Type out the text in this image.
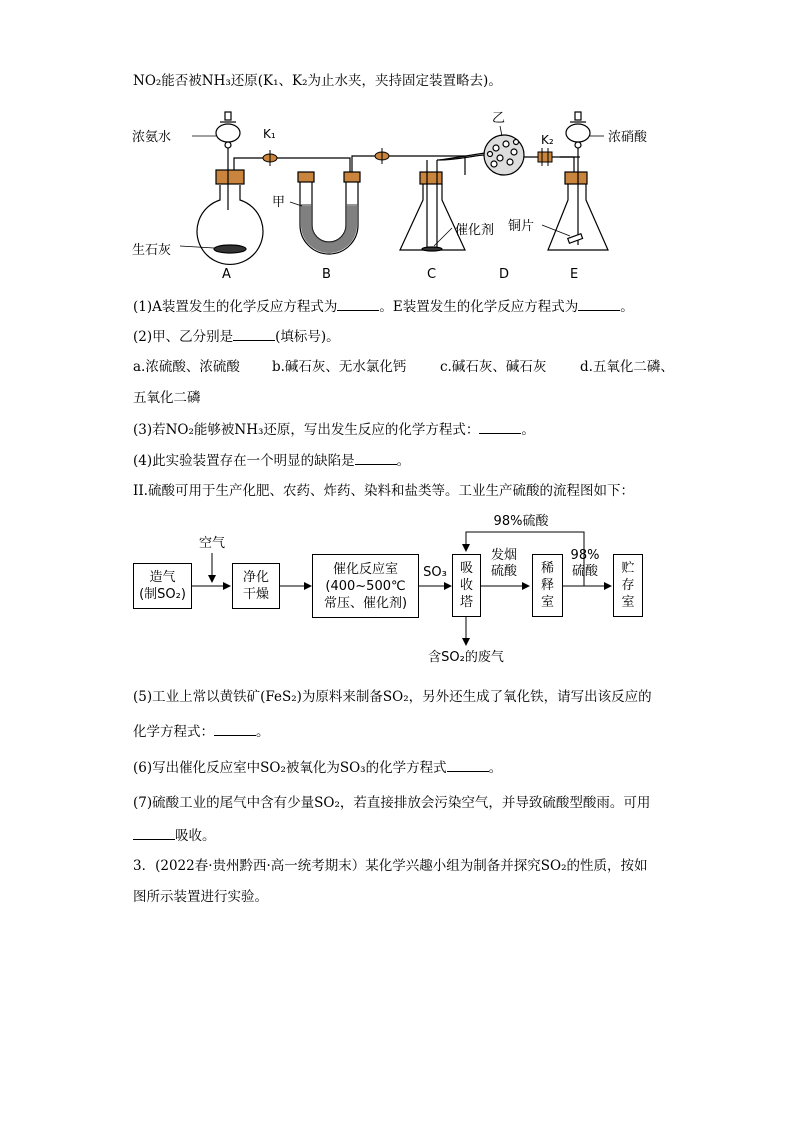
NO₂能否被NH₃还原(K₁、K₂为止水夹，夹持固定装置略去)。
浓氨水	K₁
生石灰
甲
乙
K₂	浓硝酸
催化剂 铜片
A	B	C	D	E
(1)A装置发生的化学反应方程式为	。E装置发生的化学反应方程式为	。
(2)甲、乙分别是	(填标号)。
a.浓硫酸、浓硫酸 b.碱石灰、无水氯化钙 c.碱石灰、碱石灰 d.五氧化二磷、
五氧化二磷
(3)若NO₂能够被NH₃还原，写出发生反应的化学方程式：	。
(4)此实验装置存在一个明显的缺陷是	。
II.硫酸可用于生产化肥、农药、炸药、染料和盐类等。工业生产硫酸的流程图如下：
造气
(制SO₂)
空气
净化
干燥
催化反应室
(400~500℃
常压、催化剂)
SO₃ 吸
收
塔
发烟
硫酸	稀
释
室
98%
硫酸
98%硫酸
贮
存
室
含SO₂的废气
(5)工业上常以黄铁矿(FeS₂)为原料来制备SO₂，另外还生成了氧化铁，请写出该反应的
化学方程式：	。
(6)写出催化反应室中SO₂被氧化为SO₃的化学方程式	。
(7)硫酸工业的尾气中含有少量SO₂，若直接排放会污染空气，并导致硫酸型酸雨。可用
吸收。
3．(2022春·贵州黔西·高一统考期末）某化学兴趣小组为制备并探究SO₂的性质，按如
图所示装置进行实验。
